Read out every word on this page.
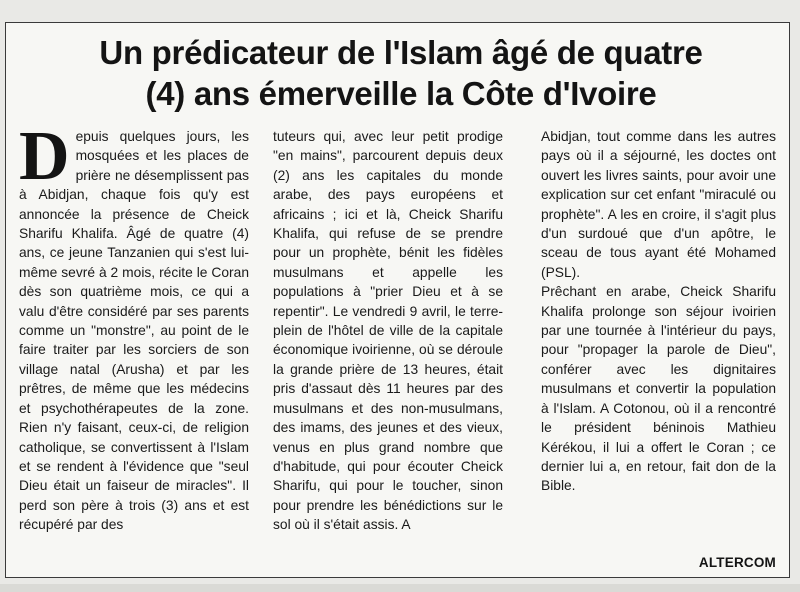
Un prédicateur de l'Islam âgé de quatre
(4) ans émerveille la Côte d'Ivoire

Depuis quelques jours, les mosquées et les places de prière ne désemplissent pas à Abidjan, chaque fois qu'y est annoncée la présence de Cheick Sharifu Khalifa. Âgé de quatre (4) ans, ce jeune Tanzanien qui s'est lui-même sevré à 2 mois, récite le Coran dès son quatrième mois, ce qui a valu d'être considéré par ses parents comme un "monstre", au point de le faire traiter par les sorciers de son village natal (Arusha) et par les prêtres, de même que les médecins et psychothérapeutes de la zone. Rien n'y faisant, ceux-ci, de religion catholique, se convertissent à l'Islam et se rendent à l'évidence que "seul Dieu était un faiseur de miracles". Il perd son père à trois (3) ans et est récupéré par des

tuteurs qui, avec leur petit prodige "en mains", parcourent depuis deux (2) ans les capitales du monde arabe, des pays européens et africains ; ici et là, Cheick Sharifu Khalifa, qui refuse de se prendre pour un prophète, bénit les fidèles musulmans et appelle les populations à "prier Dieu et à se repentir". Le vendredi 9 avril, le terre-plein de l'hôtel de ville de la capitale économique ivoirienne, où se déroule la grande prière de 13 heures, était pris d'assaut dès 11 heures par des musulmans et des non-musulmans, des imams, des jeunes et des vieux, venus en plus grand nombre que d'habitude, qui pour écouter Cheick Sharifu, qui pour le toucher, sinon pour prendre les bénédictions sur le sol où il s'était assis. A

Abidjan, tout comme dans les autres pays où il a séjourné, les doctes ont ouvert les livres saints, pour avoir une explication sur cet enfant "miraculé ou prophète". A les en croire, il s'agit plus d'un surdoué que d'un apôtre, le sceau de tous ayant été Mohamed (PSL).

Prêchant en arabe, Cheick Sharifu Khalifa prolonge son séjour ivoirien par une tournée à l'intérieur du pays, pour "propager la parole de Dieu", conférer avec les dignitaires musulmans et convertir la population à l'Islam. A Cotonou, où il a rencontré le président béninois Mathieu Kérékou, il lui a offert le Coran ; ce dernier lui a, en retour, fait don de la Bible.

ALTERCOM
